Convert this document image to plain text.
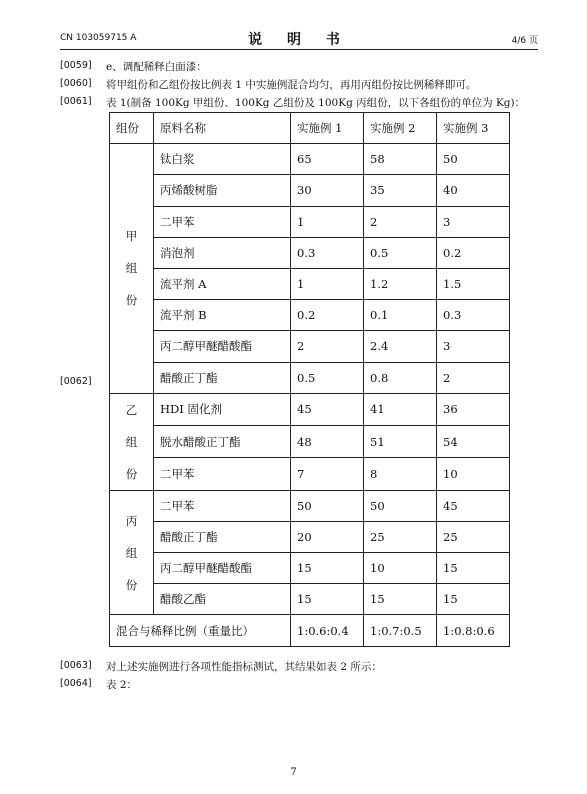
CN 103059715 A	说 明 书	4/6 页
[0059] e、调配稀释白面漆：
[0060] 将甲组份和乙组份按比例表 1 中实施例混合均匀，再用丙组份按比例稀释即可。
[0061] 表 1(制备 100Kg 甲组份、100Kg 乙组份及 100Kg 丙组份，以下各组份的单位为 Kg)：
[0062]
组份	原料名称	实施例 1	实施例 2	实施例 3

甲
组
份	钛白浆	65	58	50
	丙烯酸树脂	30	35	40
	二甲苯	1	2	3
	消泡剂	0.3	0.5	0.2
	流平剂 A	1	1.2	1.5
	流平剂 B	0.2	0.1	0.3
	丙二醇甲醚醋酸酯	2	2.4	3
	醋酸正丁酯	0.5	0.8	2

乙
组
份	HDI 固化剂	45	41	36
	脱水醋酸正丁酯	48	51	54
	二甲苯	7	8	10

丙
组
份	二甲苯	50	50	45
	醋酸正丁酯	20	25	25
	丙二醇甲醚醋酸酯	15	10	15
	醋酸乙酯	15	15	15
混合与稀释比例（重量比）		1:0.6:0.4	1:0.7:0.5	1:0.8:0.6
[0063] 对上述实施例进行各项性能指标测试，其结果如表 2 所示：
[0064] 表 2：
7
